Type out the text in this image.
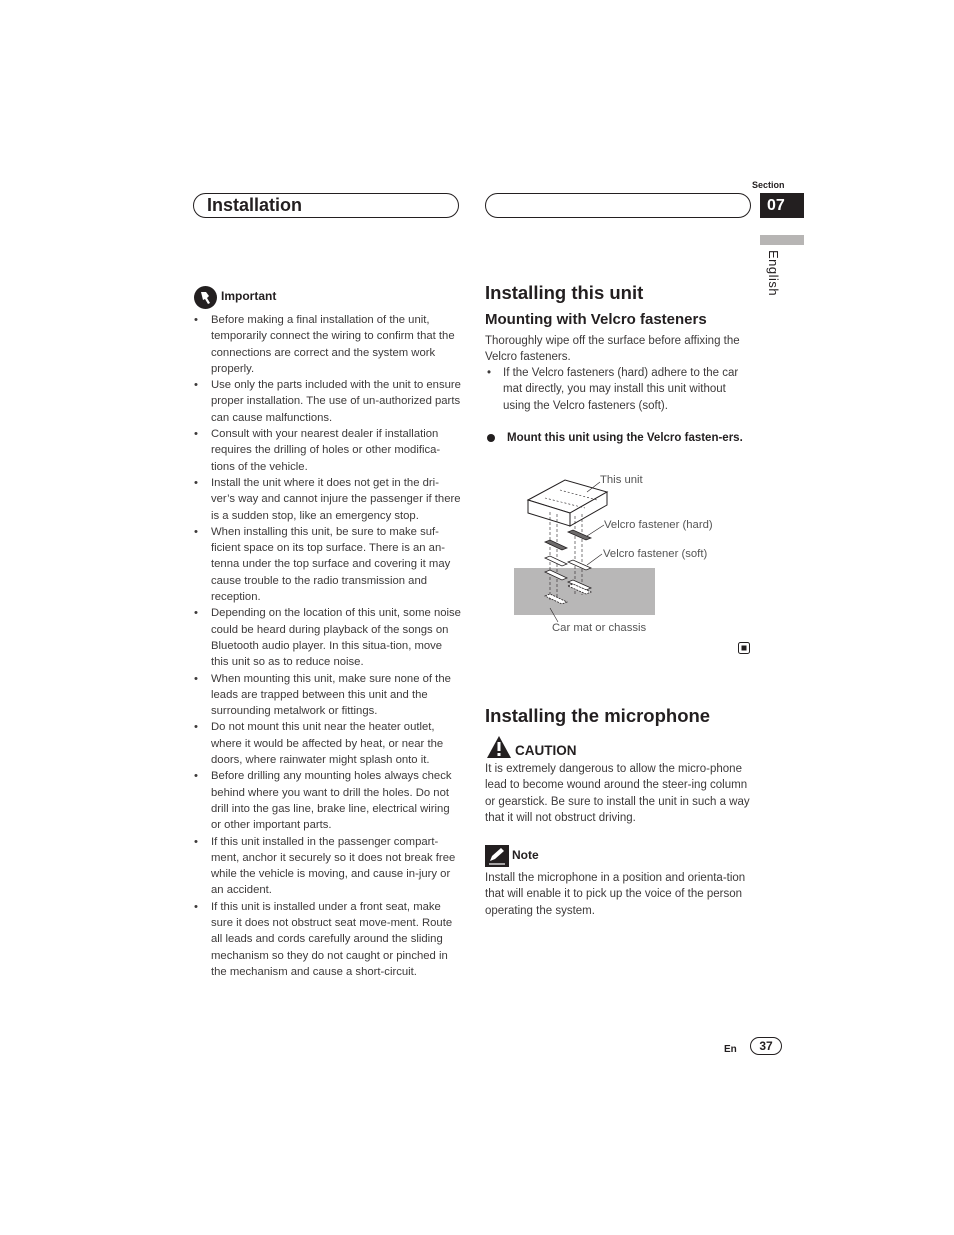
Section
07
Installation
English
Important
• Before making a final installation of the unit, temporarily connect the wiring to confirm that the connections are correct and the system work properly.
• Use only the parts included with the unit to ensure proper installation. The use of un-authorized parts can cause malfunctions.
• Consult with your nearest dealer if installation requires the drilling of holes or other modifica-tions of the vehicle.
• Install the unit where it does not get in the dri-ver’s way and cannot injure the passenger if there is a sudden stop, like an emergency stop.
• When installing this unit, be sure to make suf-ficient space on its top surface. There is an an-tenna under the top surface and covering it may cause trouble to the radio transmission and reception.
• Depending on the location of this unit, some noise could be heard during playback of the songs on Bluetooth audio player. In this situa-tion, move this unit so as to reduce noise.
• When mounting this unit, make sure none of the leads are trapped between this unit and the surrounding metalwork or fittings.
• Do not mount this unit near the heater outlet, where it would be affected by heat, or near the doors, where rainwater might splash onto it.
• Before drilling any mounting holes always check behind where you want to drill the holes. Do not drill into the gas line, brake line, electrical wiring or other important parts.
• If this unit installed in the passenger compart-ment, anchor it securely so it does not break free while the vehicle is moving, and cause in-jury or an accident.
• If this unit is installed under a front seat, make sure it does not obstruct seat move-ment. Route all leads and cords carefully around the sliding mechanism so they do not caught or pinched in the mechanism and cause a short-circuit.
Installing this unit
Mounting with Velcro fasteners
Thoroughly wipe off the surface before affixing the Velcro fasteners.
If the Velcro fasteners (hard) adhere to the car mat directly, you may install this unit without using the Velcro fasteners (soft).
•
Mount this unit using the Velcro fasten-ers.
This unit
Velcro fastener (hard)
Velcro fastener (soft)
Car mat or chassis
Installing the microphone
CAUTION
It is extremely dangerous to allow the micro-phone lead to become wound around the steer-ing column or gearstick. Be sure to install the unit in such a way that it will not obstruct driving.
Note
Install the microphone in a position and orienta-tion that will enable it to pick up the voice of the person operating the system.
En	37
